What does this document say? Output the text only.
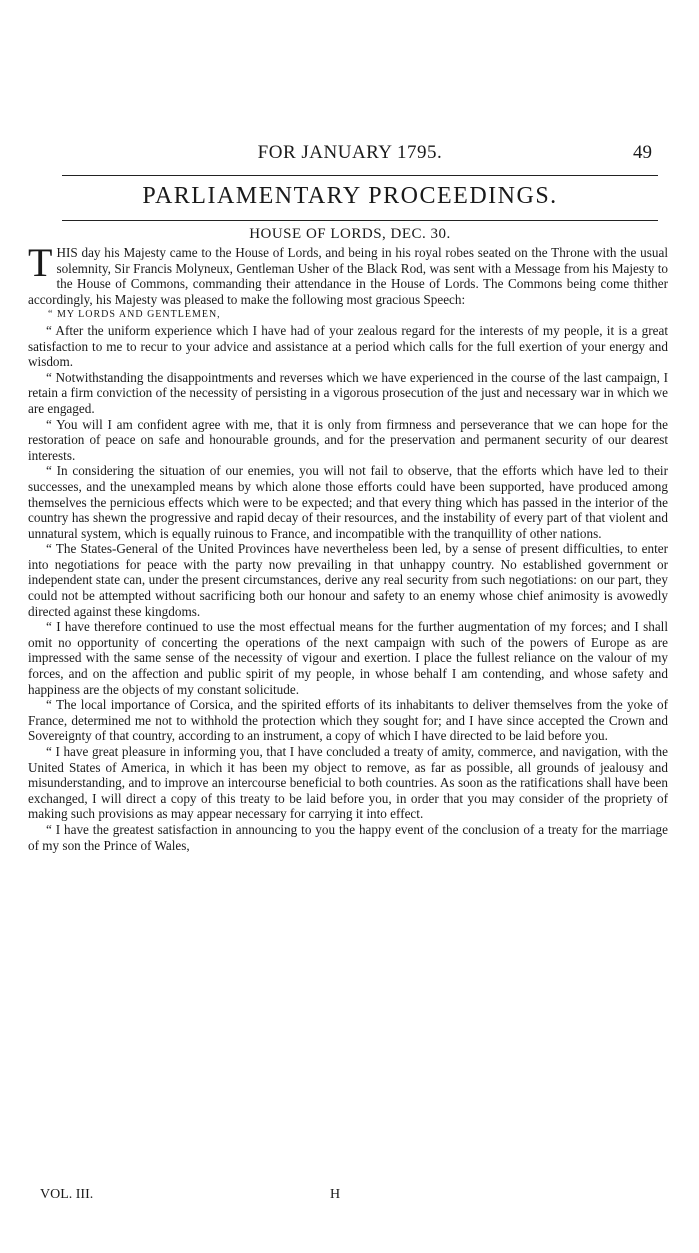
FOR JANUARY 1795.	49
PARLIAMENTARY PROCEEDINGS.
HOUSE OF LORDS, DEC. 30.

THIS day his Majesty came to the House of Lords, and being in his royal robes seated on the Throne with the usual solemnity, Sir Francis Molyneux, Gentleman Usher of the Black Rod, was sent with a Message from his Majesty to the House of Commons, commanding their attendance in the House of Lords. The Commons being come thither accordingly, his Majesty was pleased to make the following most gracious Speech:

“ MY LORDS AND GENTLEMEN,

“ After the uniform experience which I have had of your zealous regard for the interests of my people, it is a great satisfaction to me to recur to your advice and assistance at a period which calls for the full exertion of your energy and wisdom.

“ Notwithstanding the disappointments and reverses which we have experienced in the course of the last campaign, I retain a firm conviction of the necessity of persisting in a vigorous prosecution of the just and necessary war in which we are engaged.

“ You will I am confident agree with me, that it is only from firmness and perseverance that we can hope for the restoration of peace on safe and honourable grounds, and for the preservation and permanent security of our dearest interests.

“ In considering the situation of our enemies, you will not fail to observe, that the efforts which have led to their successes, and the unexampled means by which alone those efforts could have been supported, have produced among themselves the pernicious effects which were to be expected; and that every thing which has passed in the interior of the country has shewn the progressive and rapid decay of their resources, and the instability of every part of that violent and unnatural system, which is equally ruinous to France, and incompatible with the tranquillity of other nations.

“ The States-General of the United Provinces have nevertheless been led, by a sense of present difficulties, to enter into negotiations for peace with the party now prevailing in that unhappy country. No established government or independent state can, under the present circumstances, derive any real security from such negotiations: on our part, they could not be attempted without sacrificing both our honour and safety to an enemy whose chief animosity is avowedly directed against these kingdoms.

“ I have therefore continued to use the most effectual means for the further augmentation of my forces; and I shall omit no opportunity of concerting the operations of the next campaign with such of the powers of Europe as are impressed with the same sense of the necessity of vigour and exertion. I place the fullest reliance on the valour of my forces, and on the affection and public spirit of my people, in whose behalf I am contending, and whose safety and happiness are the objects of my constant solicitude.

“ The local importance of Corsica, and the spirited efforts of its inhabitants to deliver themselves from the yoke of France, determined me not to withhold the protection which they sought for; and I have since accepted the Crown and Sovereignty of that country, according to an instrument, a copy of which I have directed to be laid before you.

“ I have great pleasure in informing you, that I have concluded a treaty of amity, commerce, and navigation, with the United States of America, in which it has been my object to remove, as far as possible, all grounds of jealousy and misunderstanding, and to improve an intercourse beneficial to both countries. As soon as the ratifications shall have been exchanged, I will direct a copy of this treaty to be laid before you, in order that you may consider of the propriety of making such provisions as may appear necessary for carrying it into effect.

“ I have the greatest satisfaction in announcing to you the happy event of the conclusion of a treaty for the marriage of my son the Prince of Wales,

VOL. III.	H
